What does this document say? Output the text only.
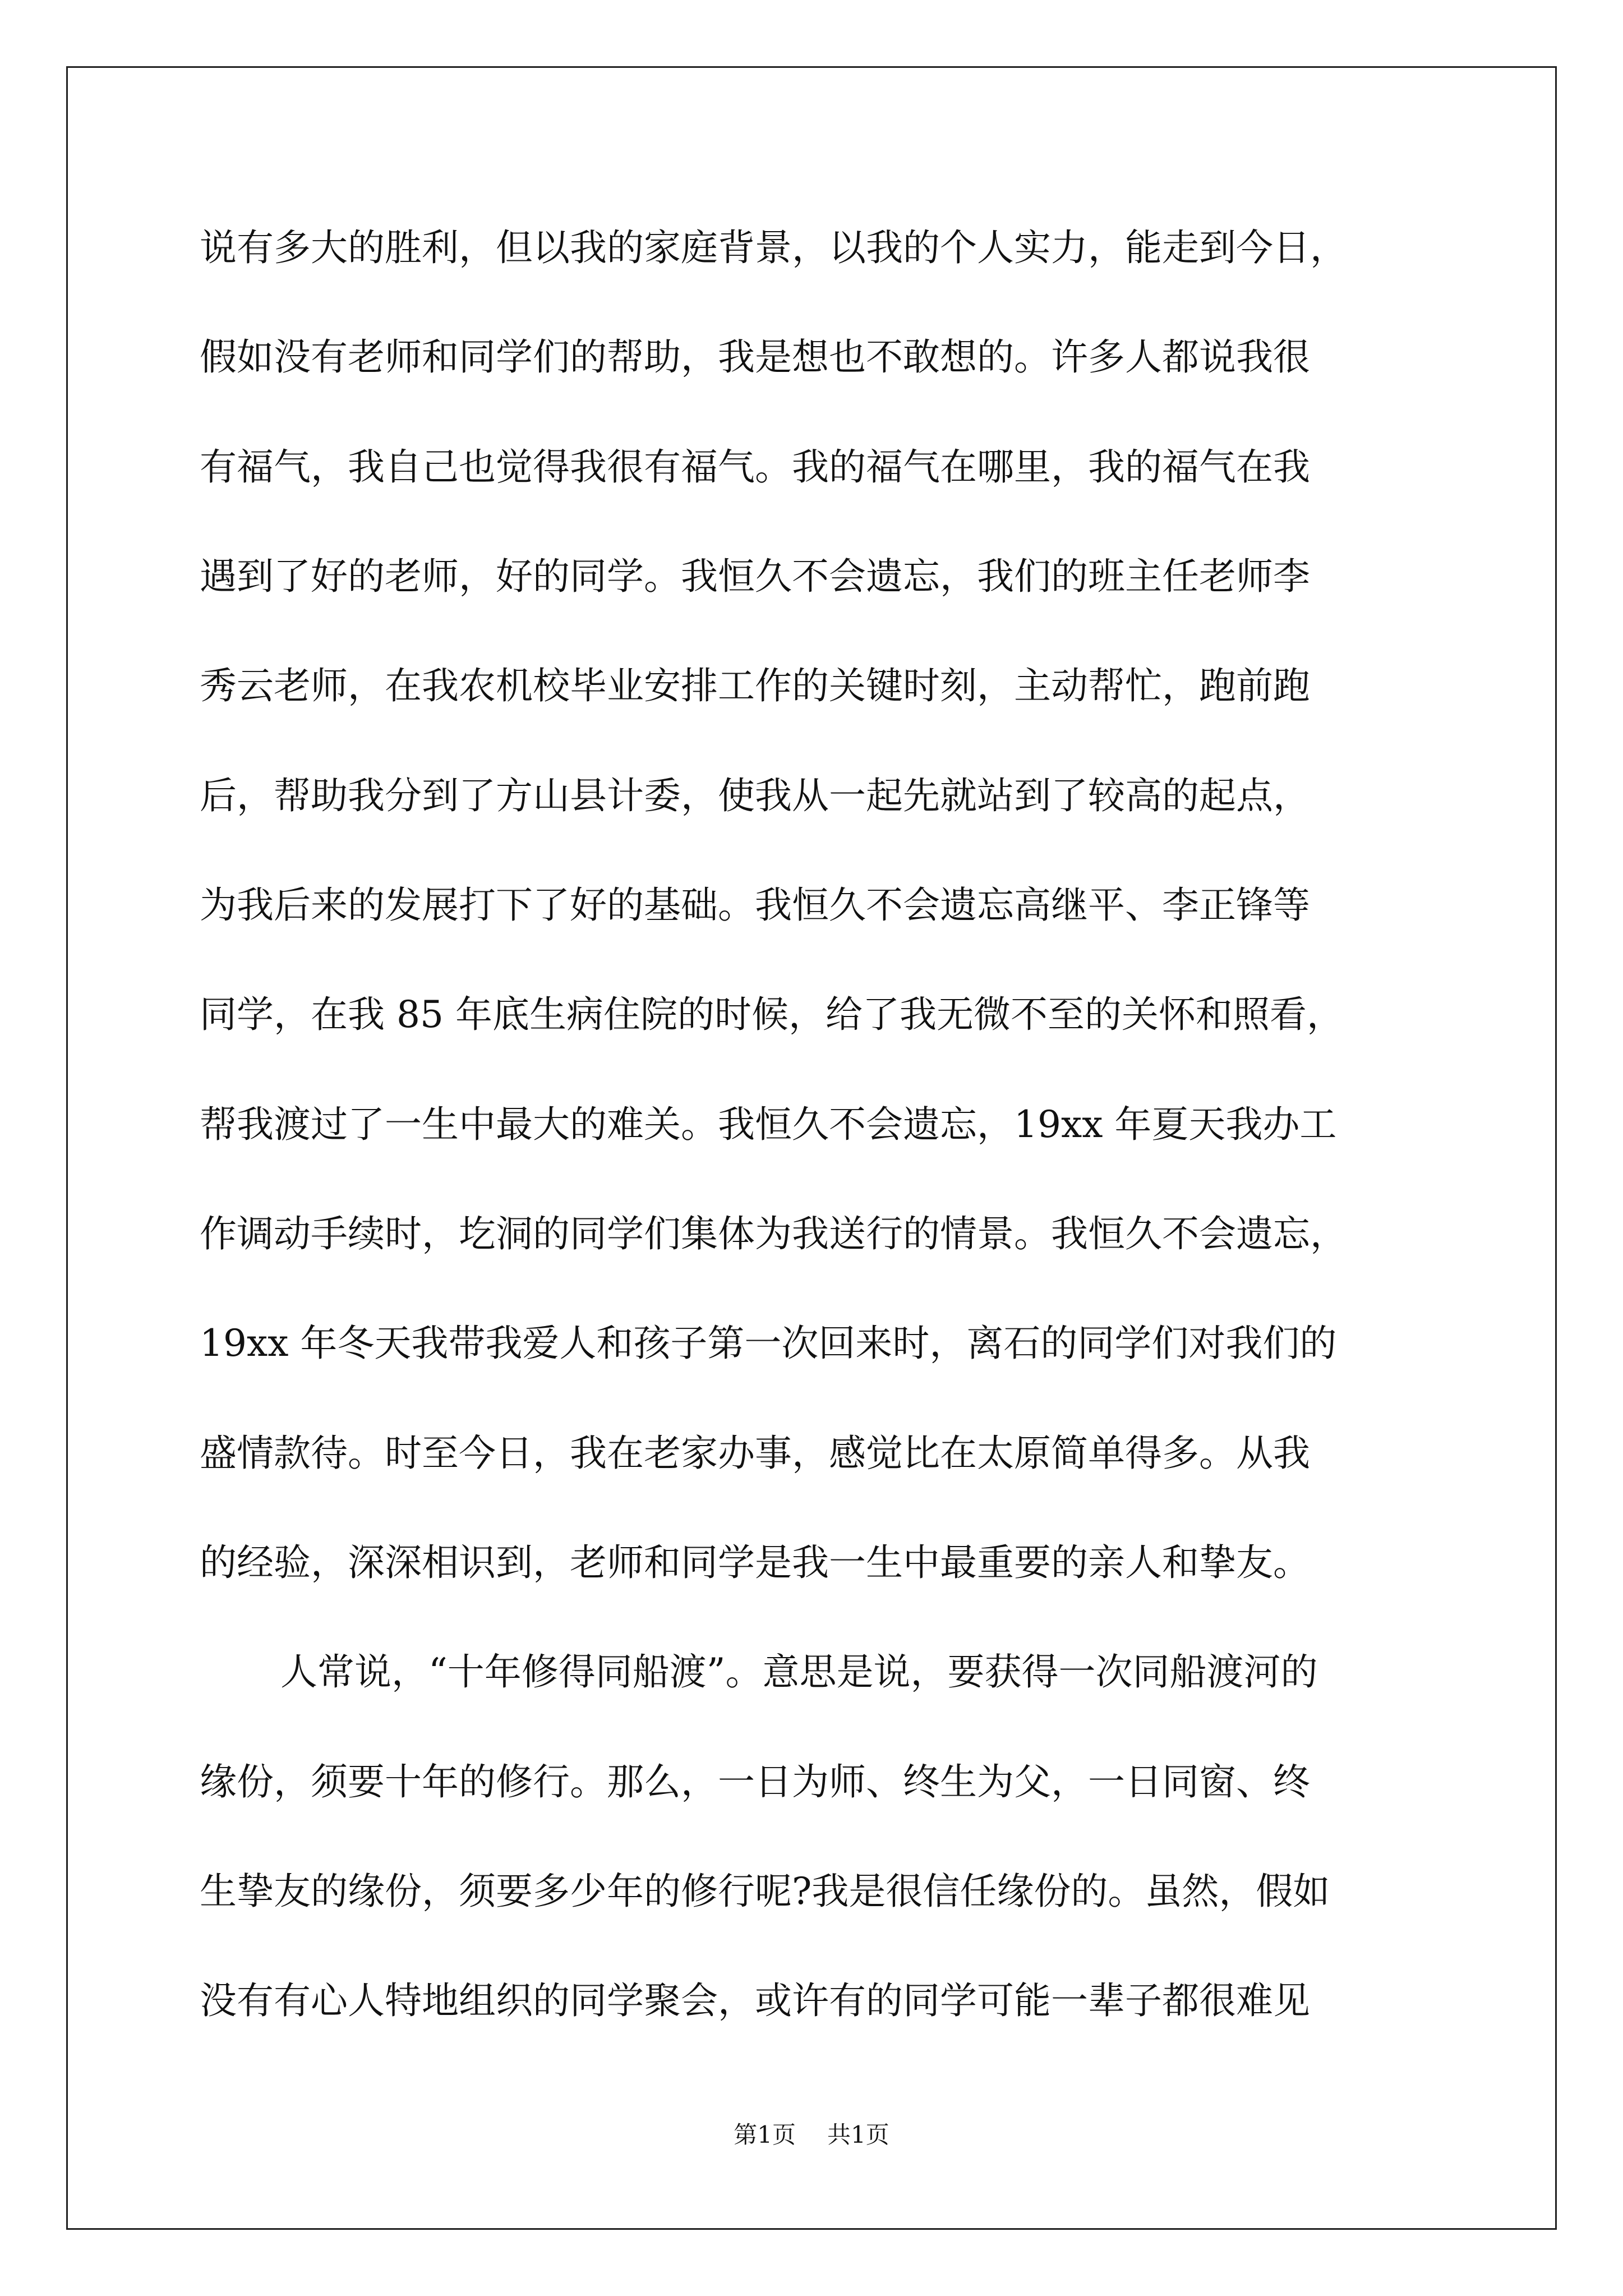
说有多大的胜利，但以我的家庭背景，以我的个人实力，能走到今日，
假如没有老师和同学们的帮助，我是想也不敢想的。许多人都说我很
有福气，我自己也觉得我很有福气。我的福气在哪里，我的福气在我
遇到了好的老师，好的同学。我恒久不会遗忘，我们的班主任老师李
秀云老师，在我农机校毕业安排工作的关键时刻，主动帮忙，跑前跑
后，帮助我分到了方山县计委，使我从一起先就站到了较高的起点，
为我后来的发展打下了好的基础。我恒久不会遗忘高继平、李正锋等
同学，在我 85 年底生病住院的时候，给了我无微不至的关怀和照看，
帮我渡过了一生中最大的难关。我恒久不会遗忘，19xx 年夏天我办工
作调动手续时，圪洞的同学们集体为我送行的情景。我恒久不会遗忘，
19xx 年冬天我带我爱人和孩子第一次回来时，离石的同学们对我们的
盛情款待。时至今日，我在老家办事，感觉比在太原简单得多。从我
的经验，深深相识到，老师和同学是我一生中最重要的亲人和挚友。
人常说，“十年修得同船渡”。意思是说，要获得一次同船渡河的
缘份，须要十年的修行。那么，一日为师、终生为父，一日同窗、终
生挚友的缘份，须要多少年的修行呢?我是很信任缘份的。虽然，假如
没有有心人特地组织的同学聚会，或许有的同学可能一辈子都很难见
第1页 共1页
